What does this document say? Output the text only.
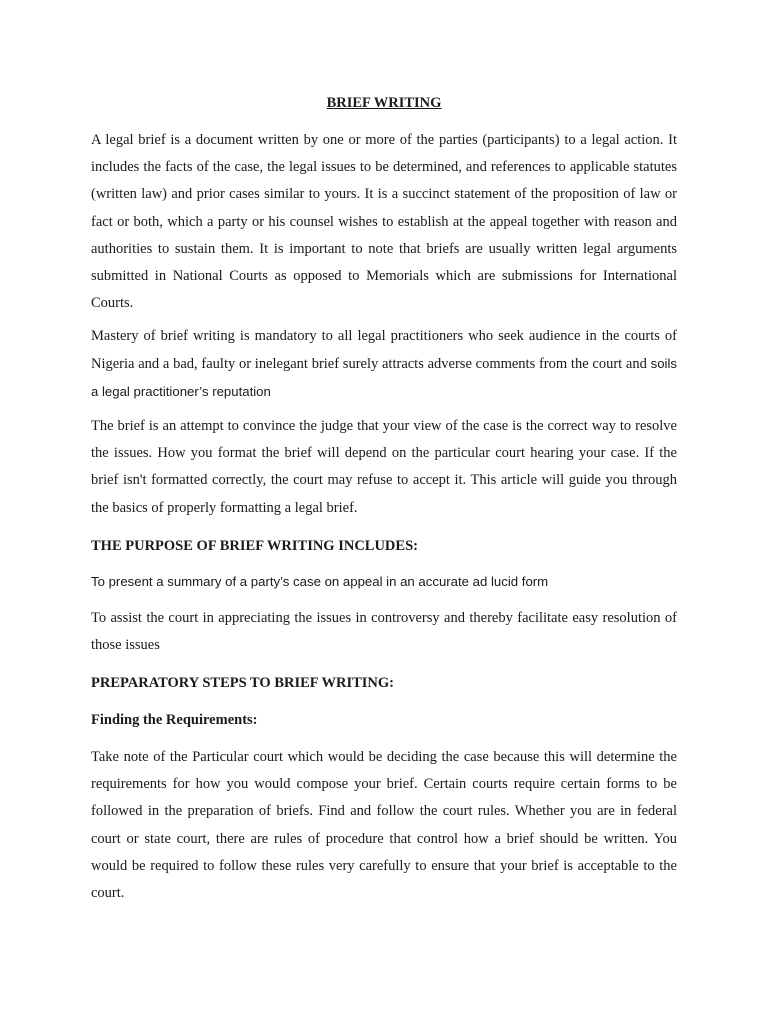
BRIEF WRITING

A legal brief is a document written by one or more of the parties (participants) to a legal action. It includes the facts of the case, the legal issues to be determined, and references to applicable statutes (written law) and prior cases similar to yours. It is a succinct statement of the proposition of law or fact or both, which a party or his counsel wishes to establish at the appeal together with reason and authorities to sustain them. It is important to note that briefs are usually written legal arguments submitted in National Courts as opposed to Memorials which are submissions for International Courts.

Mastery of brief writing is mandatory to all legal practitioners who seek audience in the courts of Nigeria and a bad, faulty or inelegant brief surely attracts adverse comments from the court and soils a legal practitioner’s reputation

The brief is an attempt to convince the judge that your view of the case is the correct way to resolve the issues. How you format the brief will depend on the particular court hearing your case. If the brief isn't formatted correctly, the court may refuse to accept it. This article will guide you through the basics of properly formatting a legal brief.

THE PURPOSE OF BRIEF WRITING INCLUDES:

To present a summary of a party’s case on appeal in an accurate ad lucid form

To assist the court in appreciating the issues in controversy and thereby facilitate easy resolution of those issues

PREPARATORY STEPS TO BRIEF WRITING:
Finding the Requirements:

Take note of the Particular court which would be deciding the case because this will determine the requirements for how you would compose your brief. Certain courts require certain forms to be followed in the preparation of briefs. Find and follow the court rules. Whether you are in federal court or state court, there are rules of procedure that control how a brief should be written. You would be required to follow these rules very carefully to ensure that your brief is acceptable to the court.
